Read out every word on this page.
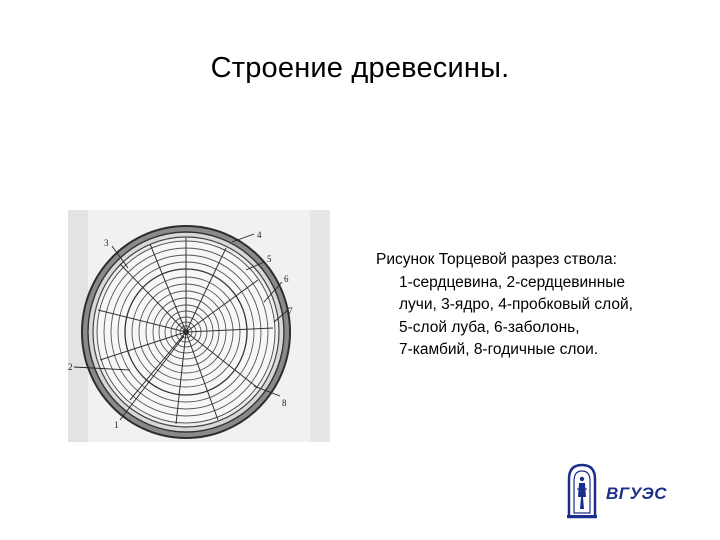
Строение древесины.
1
2
3
4
5
6
7
8
Рисунок Торцевой разрез ствола:
1-сердцевина, 2-сердцевинные
лучи, 3-ядро, 4-пробковый слой,
5-слой луба, 6-заболонь,
7-камбий, 8-годичные слои.
ВГУЭС
